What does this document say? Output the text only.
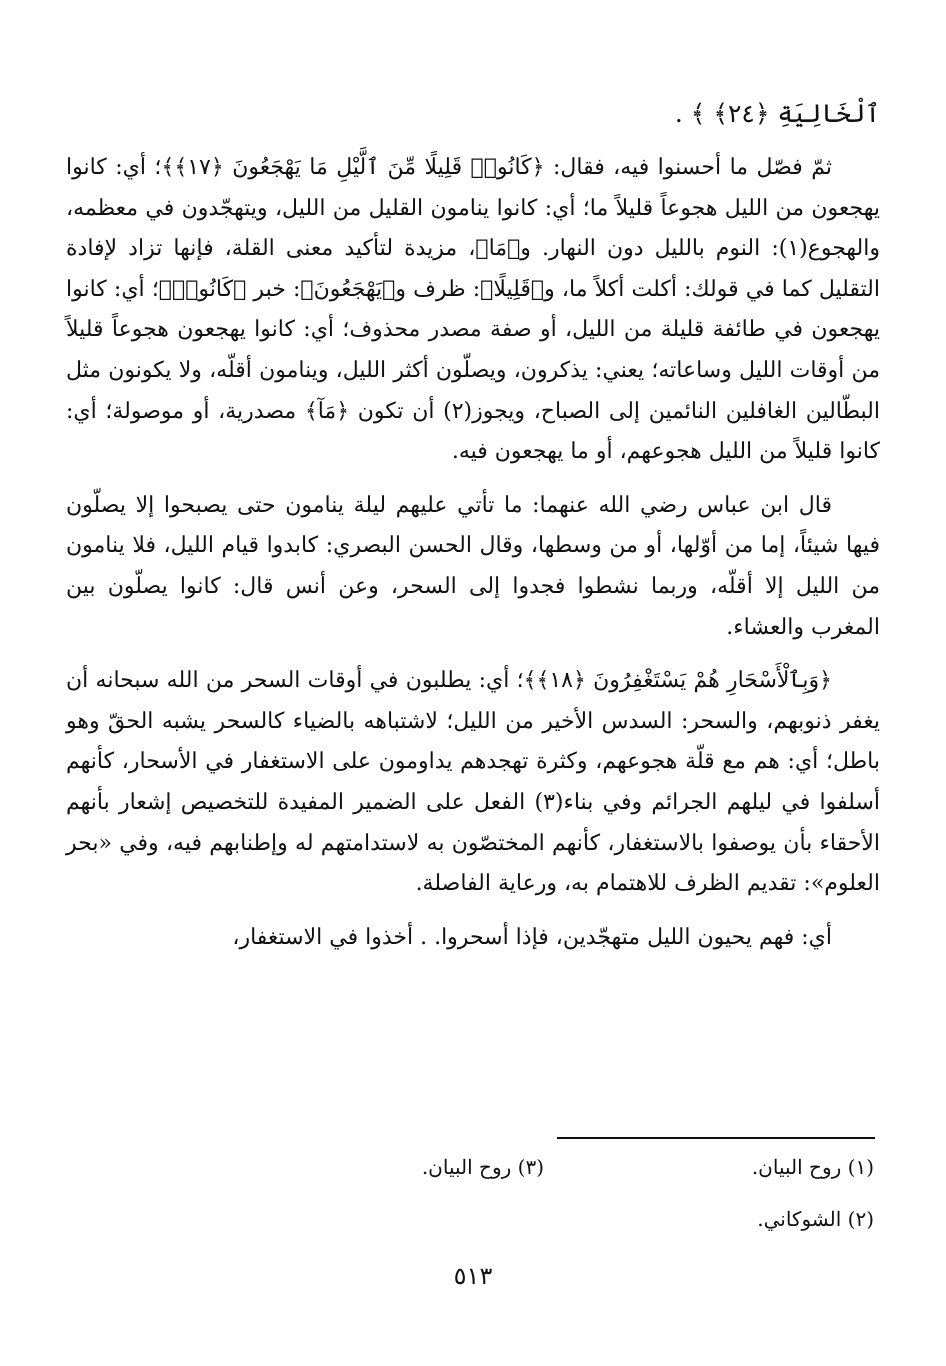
ٱلْخَالِيَةِ ﴿٢٤﴾ ﴾ .

ثمّ فصّل ما أحسنوا فيه، فقال: ﴿كَانُوا۟ قَلِيلًا مِّنَ ٱلَّيْلِ مَا يَهْجَعُونَ ﴿١٧﴾﴾؛ أي: كانوا يهجعون من الليل هجوعاً قليلاً ما؛ أي: كانوا ينامون القليل من الليل، ويتهجّدون في معظمه، والهجوع(١): النوم بالليل دون النهار. و﴿مَا﴾، مزيدة لتأكيد معنى القلة، فإنها تزاد لإفادة التقليل كما في قولك: أكلت أكلاً ما، و﴿قَلِيلًا﴾: ظرف و﴿يَهْجَعُونَ﴾: خبر ﴿كَانُوا۟﴾؛ أي: كانوا يهجعون في طائفة قليلة من الليل، أو صفة مصدر محذوف؛ أي: كانوا يهجعون هجوعاً قليلاً من أوقات الليل وساعاته؛ يعني: يذكرون، ويصلّون أكثر الليل، وينامون أقلّه، ولا يكونون مثل البطّالين الغافلين النائمين إلى الصباح، ويجوز(٢) أن تكون ﴿مَآ﴾ مصدرية، أو موصولة؛ أي: كانوا قليلاً من الليل هجوعهم، أو ما يهجعون فيه.

قال ابن عباس رضي الله عنهما: ما تأتي عليهم ليلة ينامون حتى يصبحوا إلا يصلّون فيها شيئاً، إما من أوّلها، أو من وسطها، وقال الحسن البصري: كابدوا قيام الليل، فلا ينامون من الليل إلا أقلّه، وربما نشطوا فجدوا إلى السحر، وعن أنس قال: كانوا يصلّون بين المغرب والعشاء.

﴿وَبِٱلْأَسْحَارِ هُمْ يَسْتَغْفِرُونَ ﴿١٨﴾﴾؛ أي: يطلبون في أوقات السحر من الله سبحانه أن يغفر ذنوبهم، والسحر: السدس الأخير من الليل؛ لاشتباهه بالضياء كالسحر يشبه الحقّ وهو باطل؛ أي: هم مع قلّة هجوعهم، وكثرة تهجدهم يداومون على الاستغفار في الأسحار، كأنهم أسلفوا في ليلهم الجرائم وفي بناء(٣) الفعل على الضمير المفيدة للتخصيص إشعار بأنهم الأحقاء بأن يوصفوا بالاستغفار، كأنهم المختصّون به لاستدامتهم له وإطنابهم فيه، وفي «بحر العلوم»: تقديم الظرف للاهتمام به، ورعاية الفاصلة.

أي: فهم يحيون الليل متهجّدين، فإذا أسحروا. . أخذوا في الاستغفار،

(١) روح البيان.
(٣) روح البيان.
(٢) الشوكاني.
٥١٣
